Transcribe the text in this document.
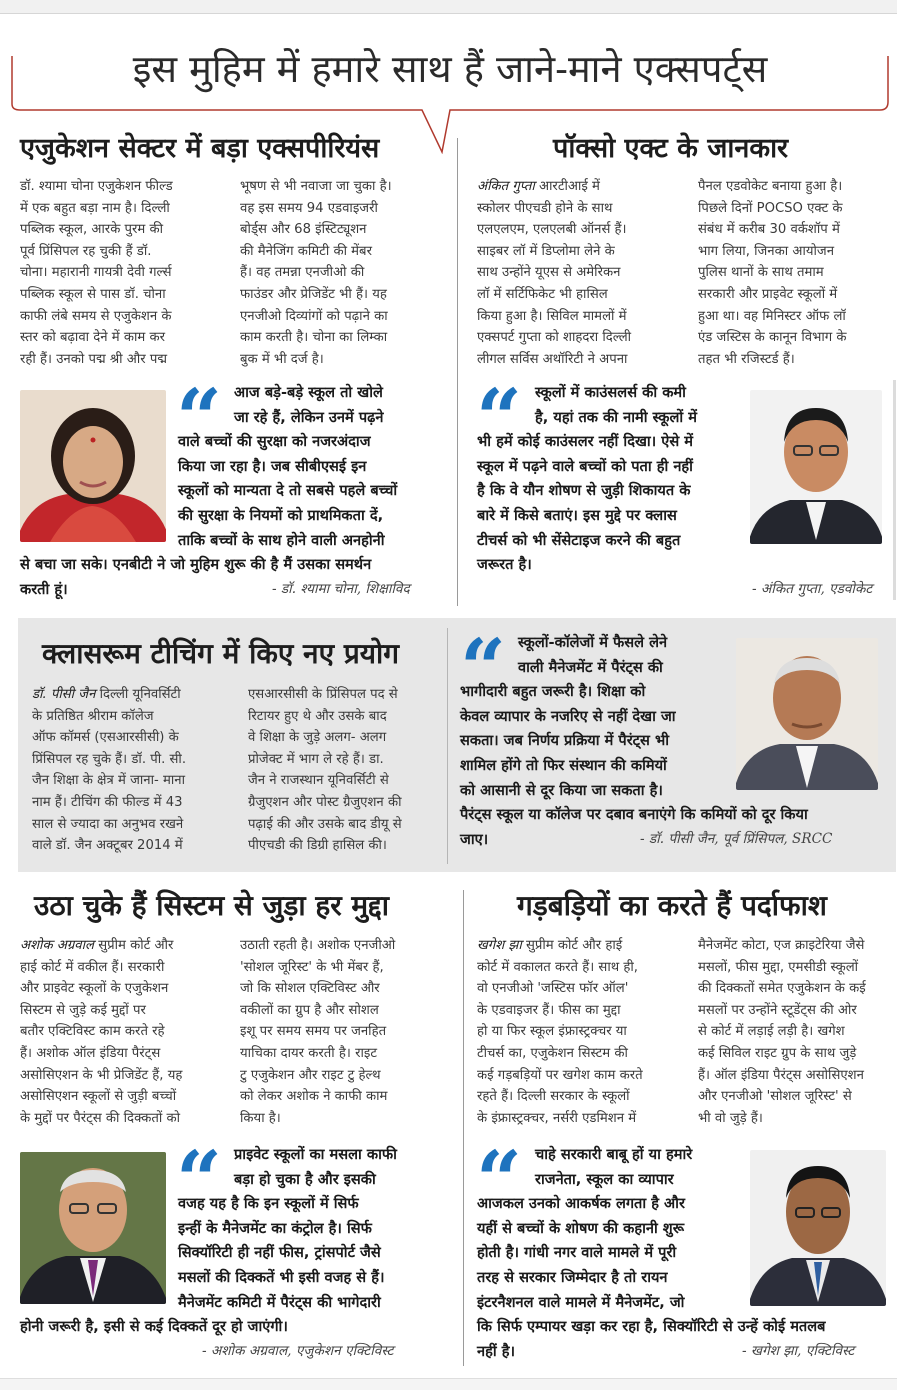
इस मुहिम में हमारे साथ हैं जाने-माने एक्सपर्ट्स
एजुकेशन सेक्टर में बड़ा एक्सपीरियंस
डॉ. श्यामा चोना एजुकेशन फील्ड
में एक बहुत बड़ा नाम है। दिल्ली
पब्लिक स्कूल, आरके पुरम की
पूर्व प्रिंसिपल रह चुकी हैं डॉ.
चोना। महारानी गायत्री देवी गर्ल्स
पब्लिक स्कूल से पास डॉ. चोना
काफी लंबे समय से एजुकेशन के
स्तर को बढ़ावा देने में काम कर
रही हैं। उनको पद्म श्री और पद्म
भूषण से भी नवाजा जा चुका है।
वह इस समय 94 एडवाइजरी
बोर्ड्स और 68 इंस्टिट्यूशन
की मैनेजिंग कमिटी की मेंबर
हैं। वह तमन्ना एनजीओ की
फाउंडर और प्रेजिडेंट भी हैं। यह
एनजीओ दिव्यांगों को पढ़ाने का
काम करती है। चोना का लिम्का
बुक में भी दर्ज है।
“ आज बड़े-बड़े स्कूल तो खोले
जा रहे हैं, लेकिन उनमें पढ़ने
वाले बच्चों की सुरक्षा को नजरअंदाज
किया जा रहा है। जब सीबीएसई इन
स्कूलों को मान्यता दे तो सबसे पहले बच्चों
की सुरक्षा के नियमों को प्राथमिकता दें,
ताकि बच्चों के साथ होने वाली अनहोनी
से बचा जा सके। एनबीटी ने जो मुहिम शुरू की है मैं उसका समर्थन
करती हूं।	- डॉ. श्यामा चोना, शिक्षाविद
पॉक्सो एक्ट के जानकार
अंकित गुप्ता आरटीआई में
स्कोलर पीएचडी होने के साथ
एलएलएम, एलएलबी ऑनर्स हैं।
साइबर लॉ में डिप्लोमा लेने के
साथ उन्होंने यूएस से अमेरिकन
लॉ में सर्टिफिकेट भी हासिल
किया हुआ है। सिविल मामलों में
एक्सपर्ट गुप्ता को शाहदरा दिल्ली
लीगल सर्विस अथॉरिटी ने अपना
पैनल एडवोकेट बनाया हुआ है।
पिछले दिनों POCSO एक्ट के
संबंध में करीब 30 वर्कशॉप में
भाग लिया, जिनका आयोजन
पुलिस थानों के साथ तमाम
सरकारी और प्राइवेट स्कूलों में
हुआ था। वह मिनिस्टर ऑफ लॉ
एंड जस्टिस के कानून विभाग के
तहत भी रजिस्टर्ड हैं।
“ स्कूलों में काउंसलर्स की कमी
है, यहां तक की नामी स्कूलों में
भी हमें कोई काउंसलर नहीं दिखा। ऐसे में
स्कूल में पढ़ने वाले बच्चों को पता ही नहीं
है कि वे यौन शोषण से जुड़ी शिकायत के
बारे में किसे बताएं। इस मुद्दे पर क्लास
टीचर्स को भी सेंसेटाइज करने की बहुत
जरूरत है।
- अंकित गुप्ता, एडवोकेट
क्लासरूम टीचिंग में किए नए प्रयोग
डॉ. पीसी जैन दिल्ली यूनिवर्सिटी
के प्रतिष्ठित श्रीराम कॉलेज
ऑफ कॉमर्स (एसआरसीसी) के
प्रिंसिपल रह चुके हैं। डॉ. पी. सी.
जैन शिक्षा के क्षेत्र में जाना- माना
नाम हैं। टीचिंग की फील्ड में 43
साल से ज्यादा का अनुभव रखने
वाले डॉ. जैन अक्टूबर 2014 में
एसआरसीसी के प्रिंसिपल पद से
रिटायर हुए थे और उसके बाद
वे शिक्षा के जुड़े अलग- अलग
प्रोजेक्ट में भाग ले रहे हैं। डा.
जैन ने राजस्थान यूनिवर्सिटी से
ग्रैजुएशन और पोस्ट ग्रैजुएशन की
पढ़ाई की और उसके बाद डीयू से
पीएचडी की डिग्री हासिल की।
“ स्कूलों-कॉलेजों में फैसले लेने
वाली मैनेजमेंट में पैरंट्स की
भागीदारी बहुत जरूरी है। शिक्षा को
केवल व्यापार के नजरिए से नहीं देखा जा
सकता। जब निर्णय प्रक्रिया में पैरंट्स भी
शामिल होंगे तो फिर संस्थान की कमियों
को आसानी से दूर किया जा सकता है।
पैरंट्स स्कूल या कॉलेज पर दबाव बनाएंगे कि कमियों को दूर किया
जाए।	- डॉ. पीसी जैन, पूर्व प्रिंसिपल, SRCC
उठा चुके हैं सिस्टम से जुड़ा हर मुद्दा
अशोक अग्रवाल सुप्रीम कोर्ट और
हाई कोर्ट में वकील हैं। सरकारी
और प्राइवेट स्कूलों के एजुकेशन
सिस्टम से जुड़े कई मुद्दों पर
बतौर एक्टिविस्ट काम करते रहे
हैं। अशोक ऑल इंडिया पैरंट्स
असोसिएशन के भी प्रेजिडेंट हैं, यह
असोसिएशन स्कूलों से जुड़ी बच्चों
के मुद्दों पर पैरंट्स की दिक्कतों को
उठाती रहती है। अशोक एनजीओ
'सोशल जूरिस्ट' के भी मेंबर हैं,
जो कि सोशल एक्टिविस्ट और
वकीलों का ग्रुप है और सोशल
इशू पर समय समय पर जनहित
याचिका दायर करती है। राइट
टु एजुकेशन और राइट टु हेल्थ
को लेकर अशोक ने काफी काम
किया है।
“ प्राइवेट स्कूलों का मसला काफी
बड़ा हो चुका है और इसकी
वजह यह है कि इन स्कूलों में सिर्फ
इन्हीं के मैनेजमेंट का कंट्रोल है। सिर्फ
सिक्यॉरिटी ही नहीं फीस, ट्रांसपोर्ट जैसे
मसलों की दिक्कतें भी इसी वजह से हैं।
मैनेजमेंट कमिटी में पैरंट्स की भागेदारी
होनी जरूरी है, इसी से कई दिक्कतें दूर हो जाएंगी।
- अशोक अग्रवाल, एजुकेशन एक्टिविस्ट
गड़बड़ियों का करते हैं पर्दाफाश
खगेश झा सुप्रीम कोर्ट और हाई
कोर्ट में वकालत करते हैं। साथ ही,
वो एनजीओ 'जस्टिस फॉर ऑल'
के एडवाइजर हैं। फीस का मुद्दा
हो या फिर स्कूल इंफ्रास्ट्रक्चर या
टीचर्स का, एजुकेशन सिस्टम की
कई गड़बड़ियों पर खगेश काम करते
रहते हैं। दिल्ली सरकार के स्कूलों
के इंफ्रास्ट्रक्चर, नर्सरी एडमिशन में
मैनेजमेंट कोटा, एज क्राइटेरिया जैसे
मसलों, फीस मुद्दा, एमसीडी स्कूलों
की दिक्कतों समेत एजुकेशन के कई
मसलों पर उन्होंने स्टूडेंट्स की ओर
से कोर्ट में लड़ाई लड़ी है। खगेश
कई सिविल राइट ग्रुप के साथ जुड़े
हैं। ऑल इंडिया पैरंट्स असोसिएशन
और एनजीओ 'सोशल जूरिस्ट' से
भी वो जुड़े हैं।
“ चाहे सरकारी बाबू हों या हमारे
राजनेता, स्कूल का व्यापार
आजकल उनको आकर्षक लगता है और
यहीं से बच्चों के शोषण की कहानी शुरू
होती है। गांधी नगर वाले मामले में पूरी
तरह से सरकार जिम्मेदार है तो रायन
इंटरनैशनल वाले मामले में मैनेजमेंट, जो
कि सिर्फ एम्पायर खड़ा कर रहा है, सिक्यॉरिटी से उन्हें कोई मतलब
नहीं है।	- खगेश झा, एक्टिविस्ट
